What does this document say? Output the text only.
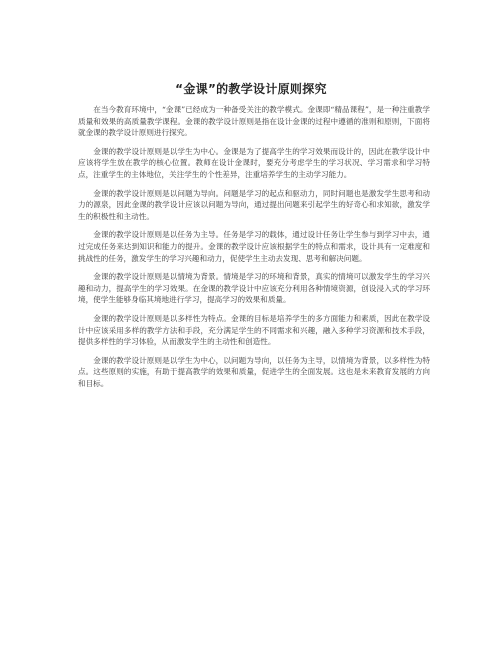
“金课”的教学设计原则探究

在当今教育环境中，“金课”已经成为一种备受关注的教学模式。金课即“精品课程”，是一种注重教学质量和效果的高质量教学课程。金课的教学设计原则是指在设计金课的过程中遵循的准则和原则，下面将就金课的教学设计原则进行探究。

金课的教学设计原则是以学生为中心。金课是为了提高学生的学习效果而设计的，因此在教学设计中应该将学生放在教学的核心位置。教师在设计金课时，要充分考虑学生的学习状况、学习需求和学习特点，注重学生的主体地位，关注学生的个性差异，注重培养学生的主动学习能力。

金课的教学设计原则是以问题为导向。问题是学习的起点和驱动力，同时问题也是激发学生思考和动力的源泉，因此金课的教学设计应该以问题为导向，通过提出问题来引起学生的好奇心和求知欲，激发学生的积极性和主动性。

金课的教学设计原则是以任务为主导。任务是学习的载体，通过设计任务让学生参与到学习中去，通过完成任务来达到知识和能力的提升。金课的教学设计应该根据学生的特点和需求，设计具有一定难度和挑战性的任务，激发学生的学习兴趣和动力，促使学生主动去发现、思考和解决问题。

金课的教学设计原则是以情境为背景。情境是学习的环境和背景，真实的情境可以激发学生的学习兴趣和动力，提高学生的学习效果。在金课的教学设计中应该充分利用各种情境资源，创设浸入式的学习环境，使学生能够身临其境地进行学习，提高学习的效果和质量。

金课的教学设计原则是以多样性为特点。金课的目标是培养学生的多方面能力和素质，因此在教学设计中应该采用多样的教学方法和手段，充分满足学生的不同需求和兴趣，融入多种学习资源和技术手段，提供多样性的学习体验，从而激发学生的主动性和创造性。

金课的教学设计原则是以学生为中心，以问题为导向，以任务为主导，以情境为背景，以多样性为特点。这些原则的实施，有助于提高教学的效果和质量，促进学生的全面发展。这也是未来教育发展的方向和目标。
